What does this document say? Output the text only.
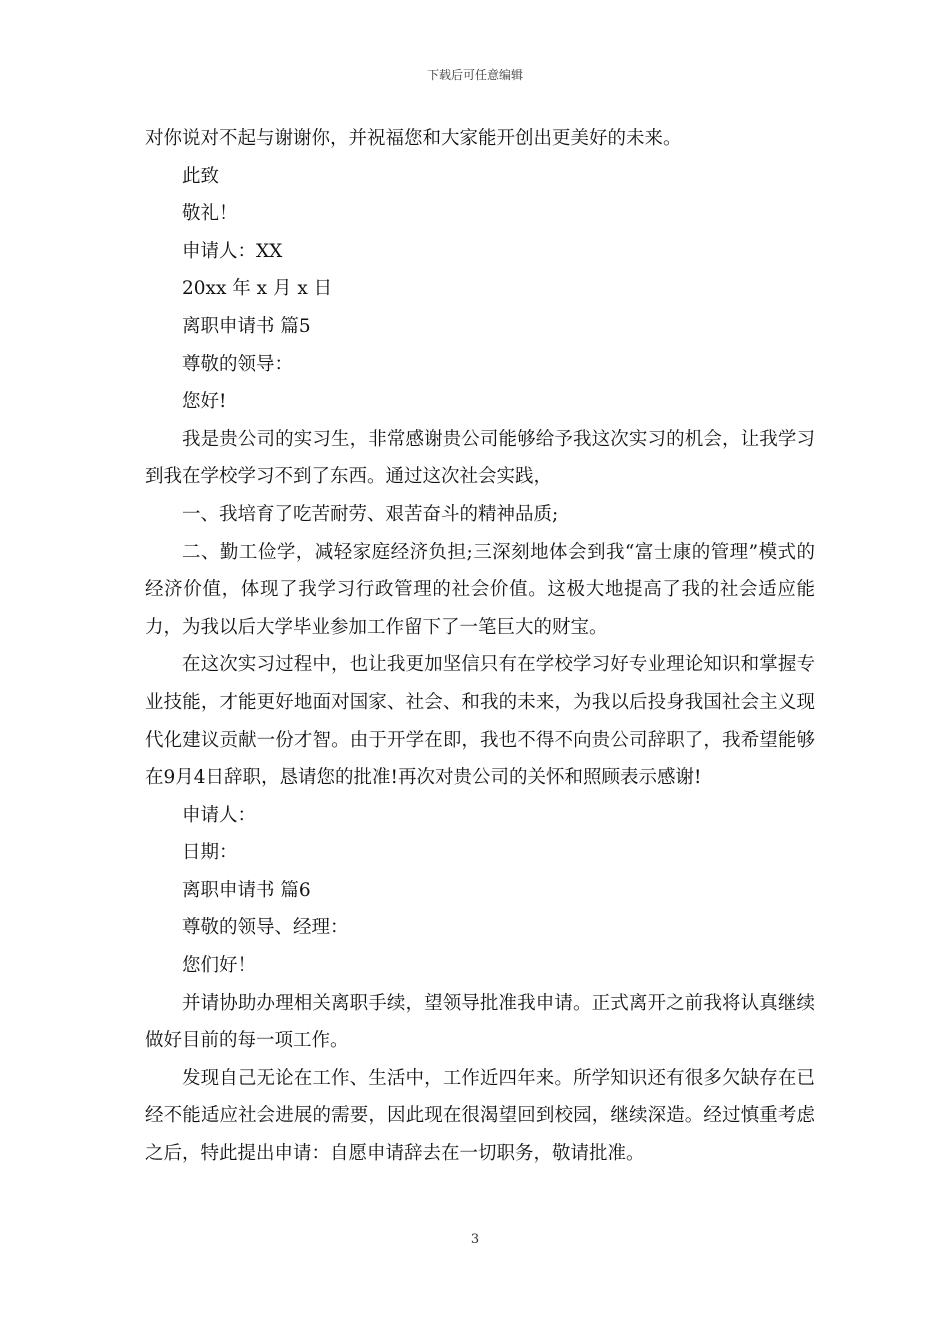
下载后可任意编辑

对你说对不起与谢谢你，并祝福您和大家能开创出更美好的未来。

此致

敬礼！

申请人：XX

20xx 年 x 月 x 日

离职申请书 篇5

尊敬的领导：

您好!

我是贵公司的实习生，非常感谢贵公司能够给予我这次实习的机会，让我学习到我在学校学习不到了东西。通过这次社会实践，

一、我培育了吃苦耐劳、艰苦奋斗的精神品质;

二、勤工俭学，减轻家庭经济负担;三深刻地体会到我“富士康的管理”模式的经济价值，体现了我学习行政管理的社会价值。这极大地提高了我的社会适应能力，为我以后大学毕业参加工作留下了一笔巨大的财宝。

在这次实习过程中，也让我更加坚信只有在学校学习好专业理论知识和掌握专业技能，才能更好地面对国家、社会、和我的未来，为我以后投身我国社会主义现代化建议贡献一份才智。由于开学在即，我也不得不向贵公司辞职了，我希望能够在9月4日辞职，恳请您的批准!再次对贵公司的关怀和照顾表示感谢!

申请人：

日期：

离职申请书 篇6

尊敬的领导、经理：

您们好！

并请协助办理相关离职手续，望领导批准我申请。正式离开之前我将认真继续做好目前的每一项工作。

发现自己无论在工作、生活中，工作近四年来。所学知识还有很多欠缺存在已经不能适应社会进展的需要，因此现在很渴望回到校园，继续深造。经过慎重考虑之后，特此提出申请：自愿申请辞去在一切职务，敬请批准。

3
